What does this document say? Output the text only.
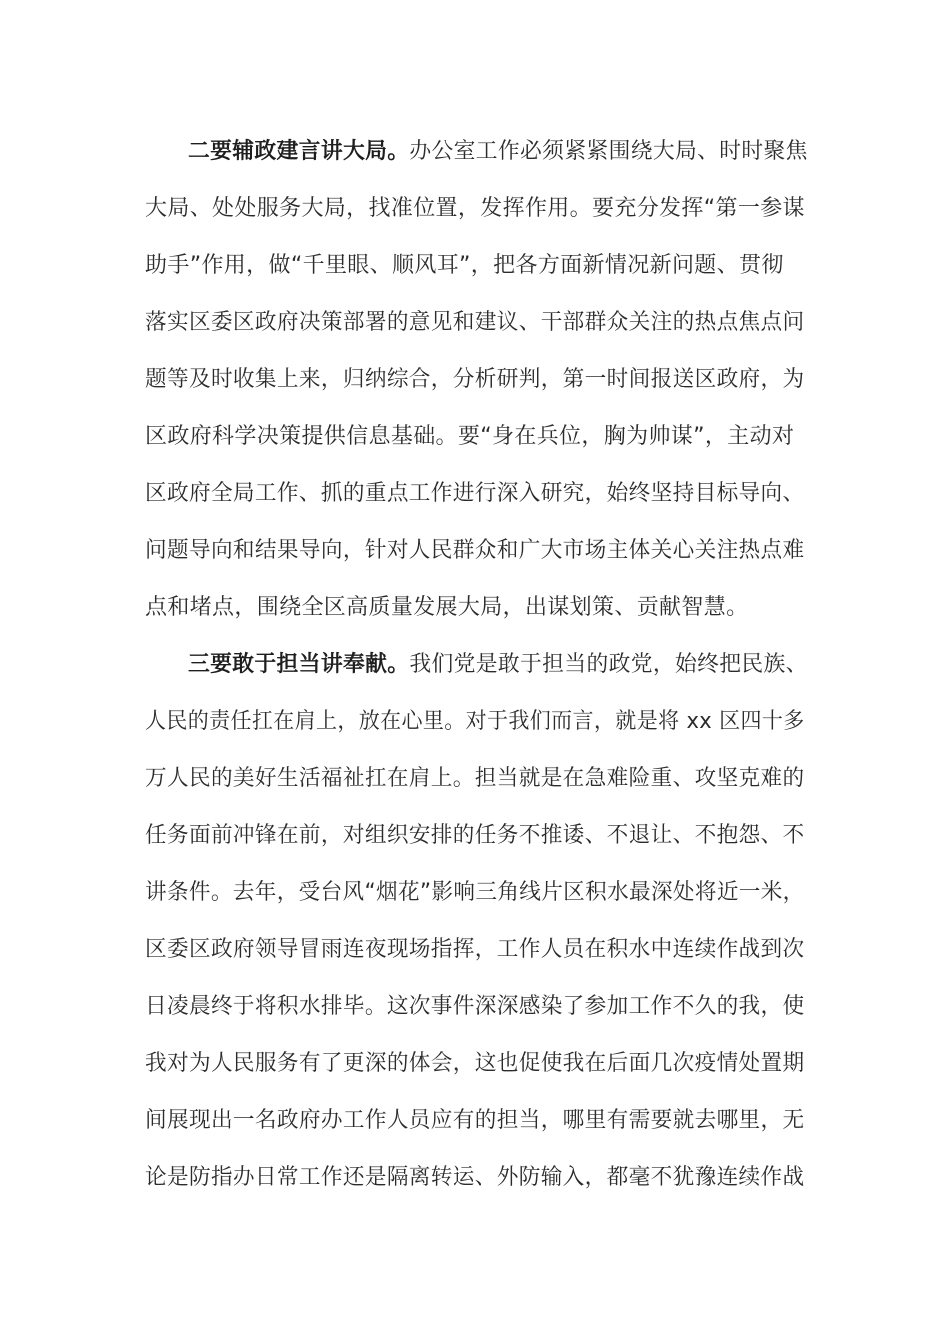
二要辅政建言讲大局。办公室工作必须紧紧围绕大局、时时聚焦
大局、处处服务大局，找准位置，发挥作用。要充分发挥“第一参谋
助手”作用，做“千里眼、顺风耳”，把各方面新情况新问题、贯彻
落实区委区政府决策部署的意见和建议、干部群众关注的热点焦点问
题等及时收集上来，归纳综合，分析研判，第一时间报送区政府，为
区政府科学决策提供信息基础。要“身在兵位，胸为帅谋”，主动对
区政府全局工作、抓的重点工作进行深入研究，始终坚持目标导向、
问题导向和结果导向，针对人民群众和广大市场主体关心关注热点难
点和堵点，围绕全区高质量发展大局，出谋划策、贡献智慧。
三要敢于担当讲奉献。我们党是敢于担当的政党，始终把民族、
人民的责任扛在肩上，放在心里。对于我们而言，就是将 xx 区四十多
万人民的美好生活福祉扛在肩上。担当就是在急难险重、攻坚克难的
任务面前冲锋在前，对组织安排的任务不推诿、不退让、不抱怨、不
讲条件。去年，受台风“烟花”影响三角线片区积水最深处将近一米，
区委区政府领导冒雨连夜现场指挥，工作人员在积水中连续作战到次
日凌晨终于将积水排毕。这次事件深深感染了参加工作不久的我，使
我对为人民服务有了更深的体会，这也促使我在后面几次疫情处置期
间展现出一名政府办工作人员应有的担当，哪里有需要就去哪里，无
论是防指办日常工作还是隔离转运、外防输入，都毫不犹豫连续作战
